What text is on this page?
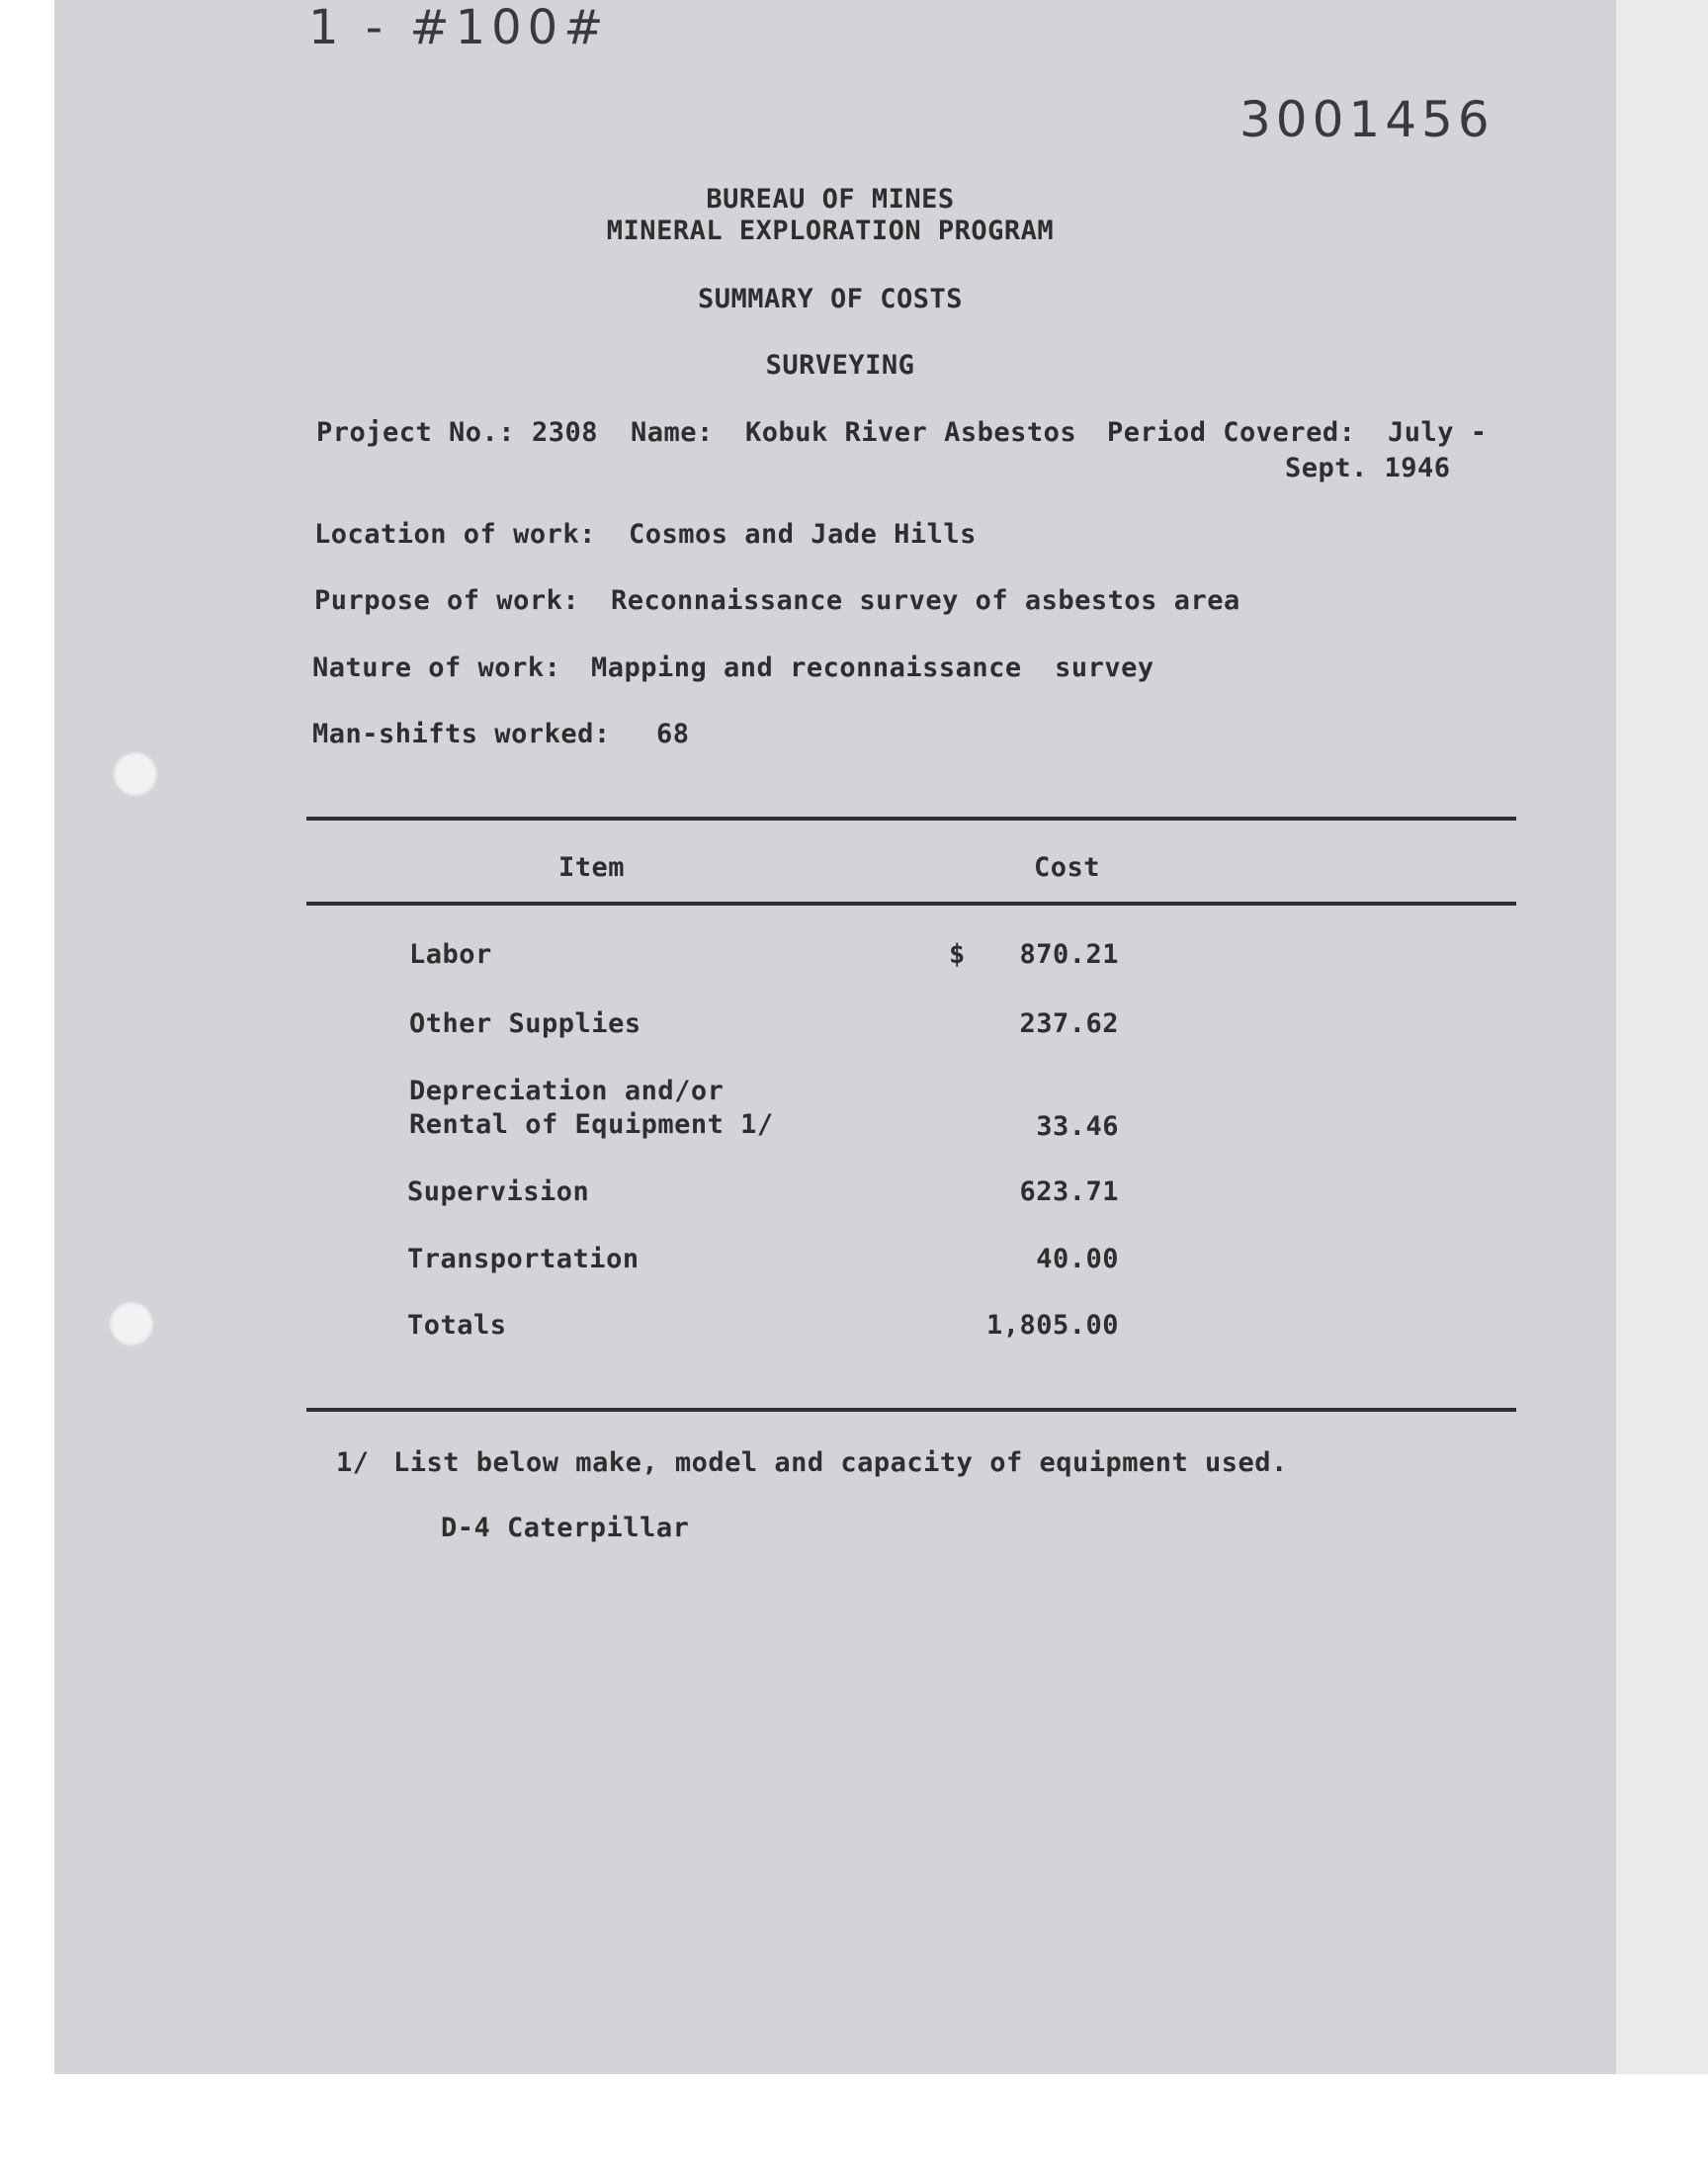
1 - #100#
3001456
BUREAU OF MINES
MINERAL EXPLORATION PROGRAM
SUMMARY OF COSTS
SURVEYING
Project No.: 2308 Name: Kobuk River Asbestos Period Covered: July -
Sept. 1946
Location of work: Cosmos and Jade Hills
Purpose of work: Reconnaissance survey of asbestos area
Nature of work: Mapping and reconnaissance  survey
Man-shifts worked: 68
Item	Cost
Labor	$	870.21
Other Supplies	237.62
Depreciation and/or
Rental of Equipment 1/	33.46
Supervision	623.71
Transportation	40.00
Totals	1,805.00
1/ List below make, model and capacity of equipment used.
D-4 Caterpillar
